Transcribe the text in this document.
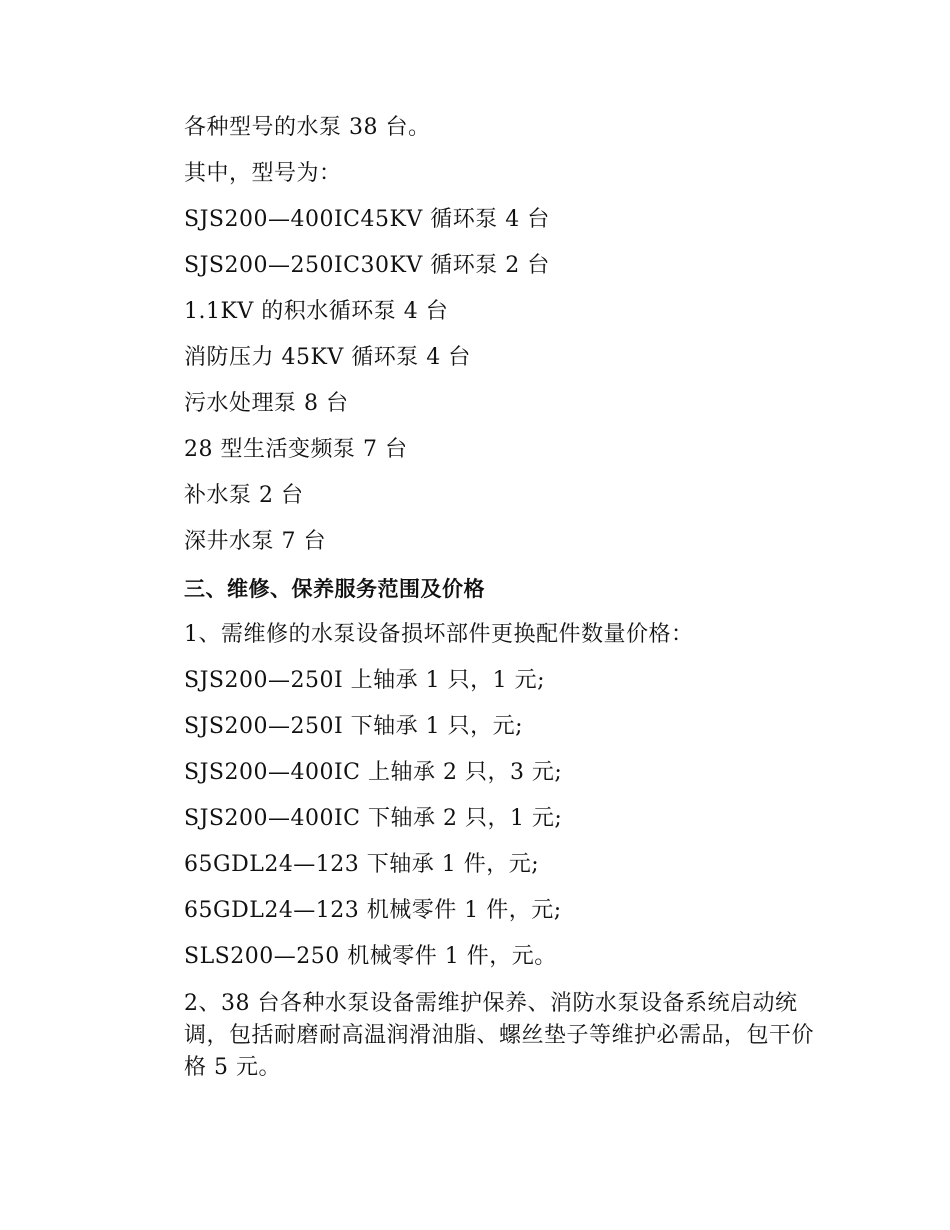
各种型号的水泵 38 台。
其中，型号为：
SJS200—400IC45KV 循环泵 4 台
SJS200—250IC30KV 循环泵 2 台
1.1KV 的积水循环泵 4 台
消防压力 45KV 循环泵 4 台
污水处理泵 8 台
28 型生活变频泵 7 台
补水泵 2 台
深井水泵 7 台
三、维修、保养服务范围及价格
1、需维修的水泵设备损坏部件更换配件数量价格：
SJS200—250I 上轴承 1 只，1 元;
SJS200—250I 下轴承 1 只，元;
SJS200—400IC 上轴承 2 只，3 元;
SJS200—400IC 下轴承 2 只，1 元;
65GDL24—123 下轴承 1 件，元;
65GDL24—123 机械零件 1 件，元;
SLS200—250 机械零件 1 件，元。
2、38 台各种水泵设备需维护保养、消防水泵设备系统启动统调，包括耐磨耐高温润滑油脂、螺丝垫子等维护必需品，包干价格 5 元。
